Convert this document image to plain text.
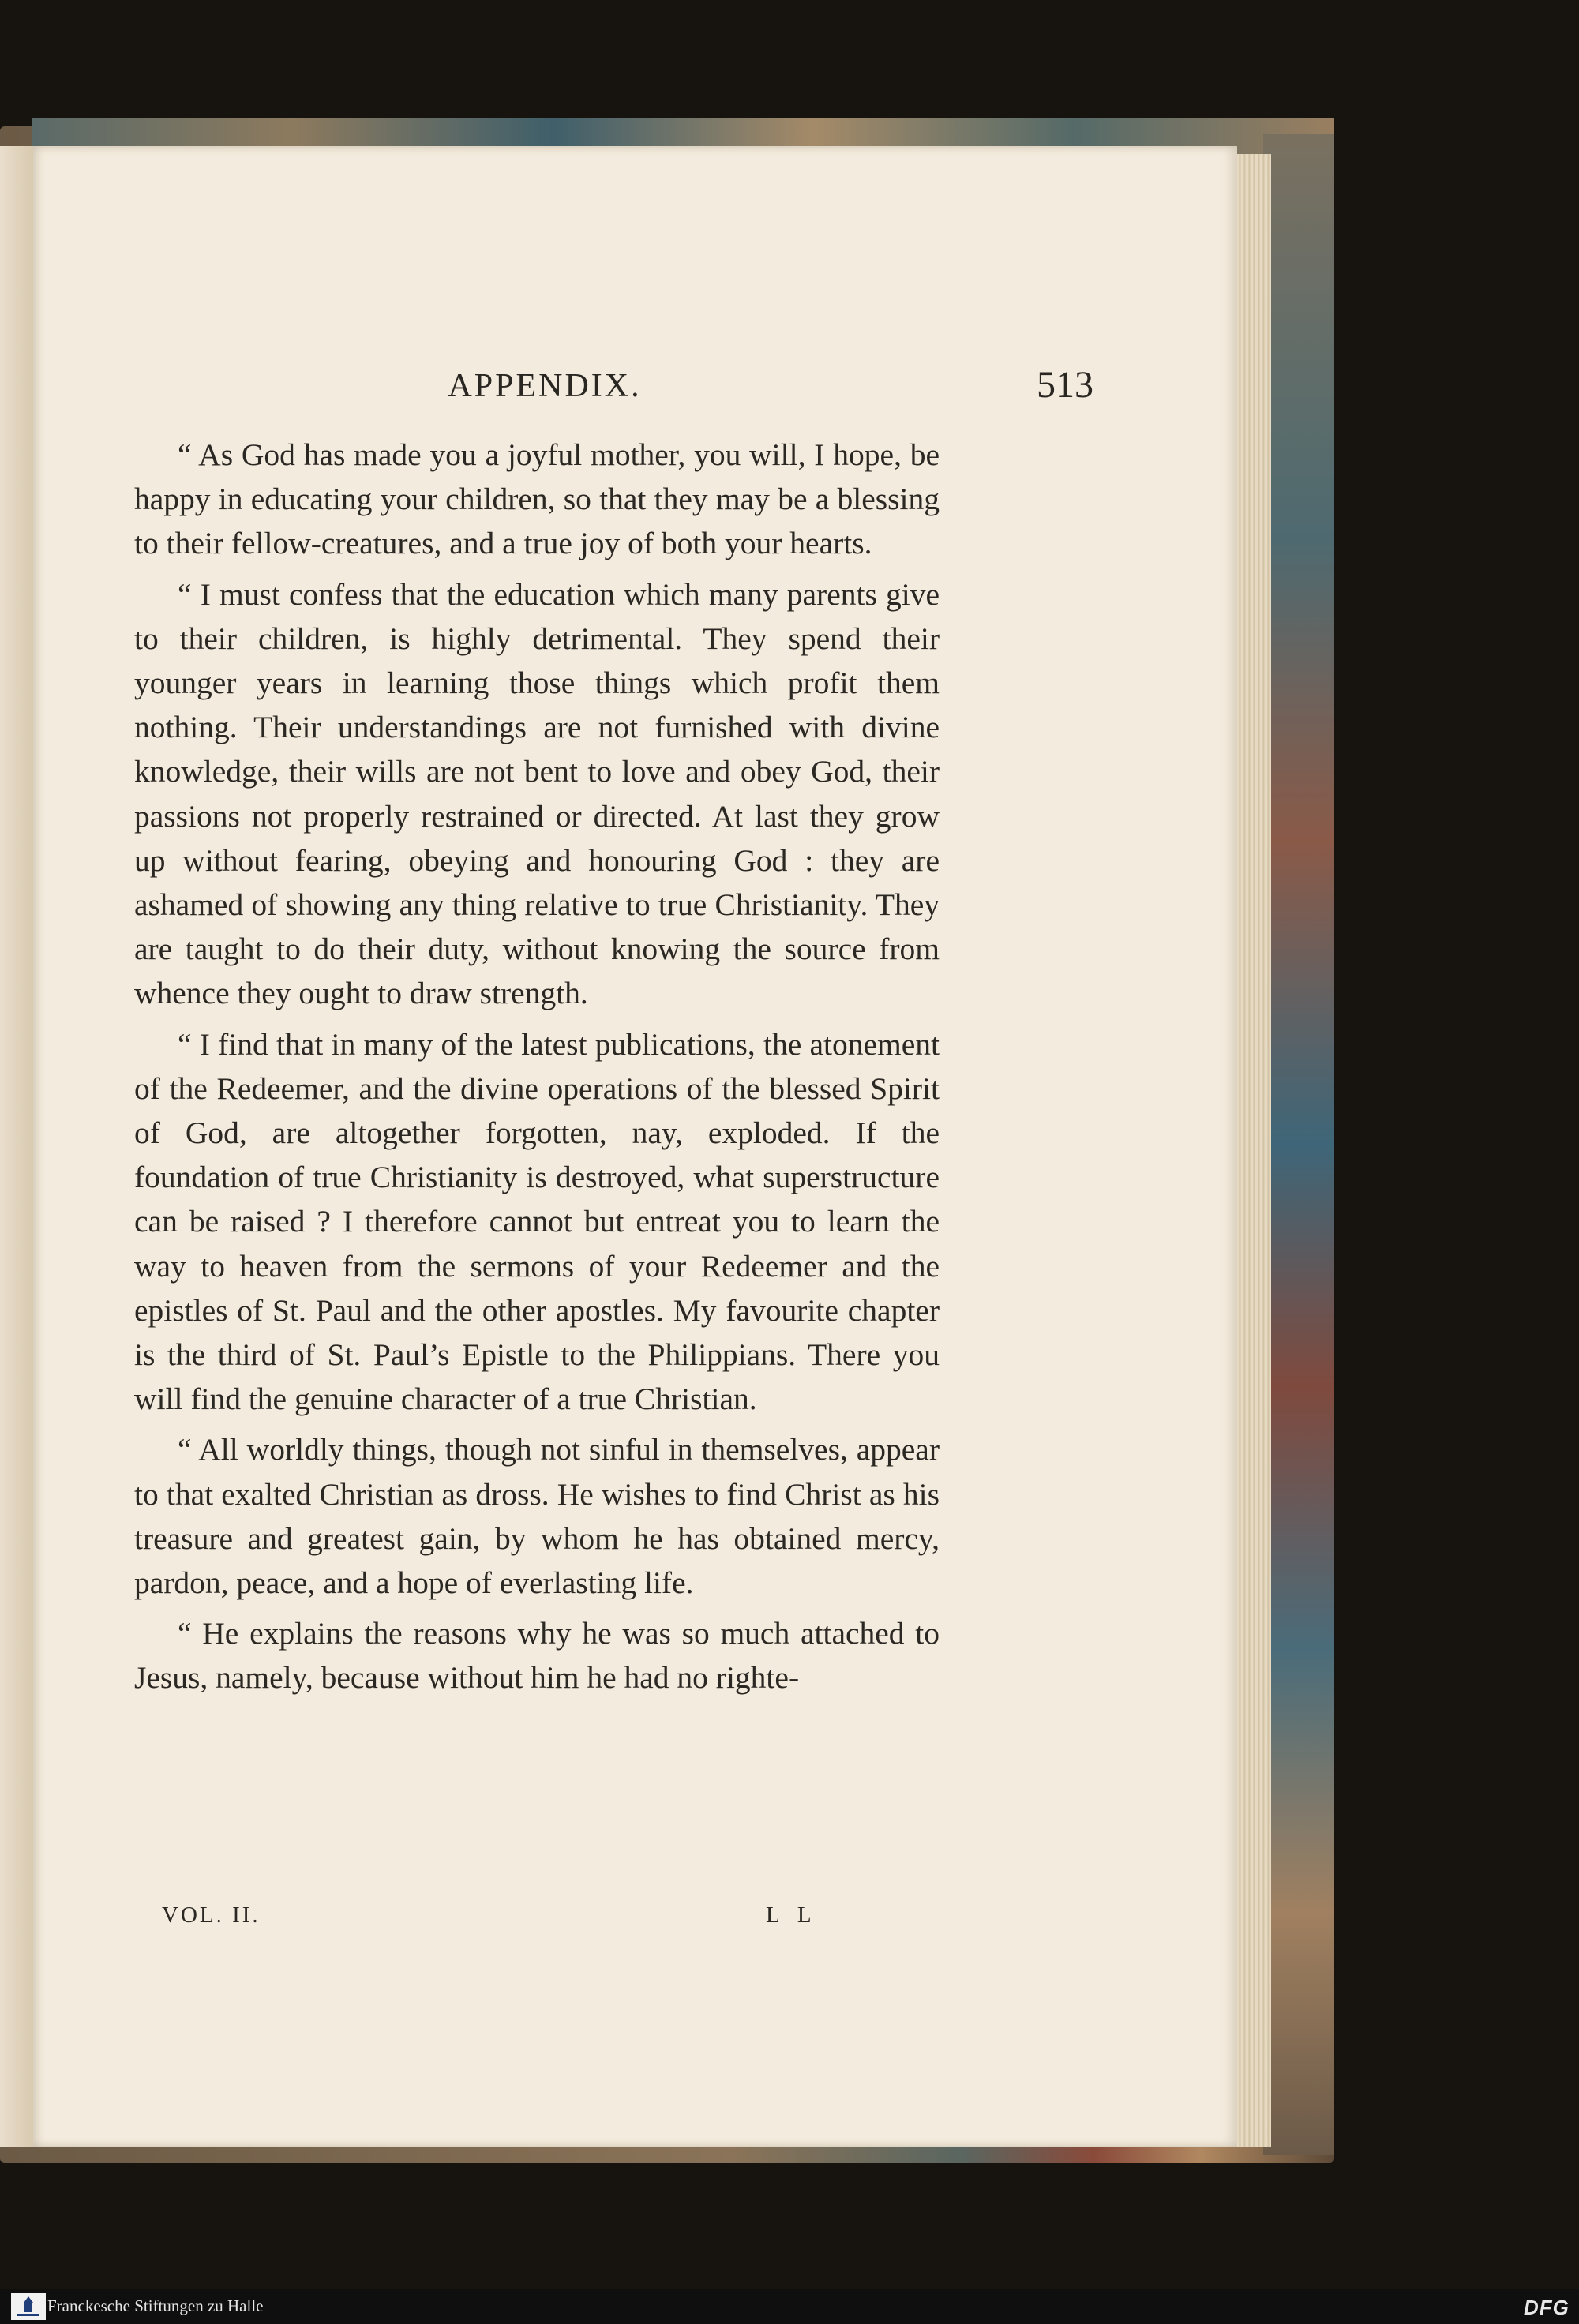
APPENDIX.	513

“ As God has made you a joyful mother, you will, I hope, be happy in educating your children, so that they may be a blessing to their fellow-creatures, and a true joy of both your hearts.

“ I must confess that the education which many parents give to their children, is highly detrimental. They spend their younger years in learning those things which profit them nothing. Their understandings are not furnished with divine knowledge, their wills are not bent to love and obey God, their passions not properly restrained or directed. At last they grow up without fearing, obeying and honouring God : they are ashamed of showing any thing relative to true Christianity. They are taught to do their duty, without knowing the source from whence they ought to draw strength.

“ I find that in many of the latest publications, the atonement of the Redeemer, and the divine operations of the blessed Spirit of God, are altogether forgotten, nay, exploded. If the foundation of true Christianity is destroyed, what superstructure can be raised ? I therefore cannot but entreat you to learn the way to heaven from the sermons of your Redeemer and the epistles of St. Paul and the other apostles. My favourite chapter is the third of St. Paul’s Epistle to the Philippians. There you will find the genuine character of a true Christian.

“ All worldly things, though not sinful in themselves, appear to that exalted Christian as dross. He wishes to find Christ as his treasure and greatest gain, by whom he has obtained mercy, pardon, peace, and a hope of everlasting life.

“ He explains the reasons why he was so much attached to Jesus, namely, because without him he had no righte-

VOL. II.	L L
Franckesche Stiftungen zu Halle	DFG
